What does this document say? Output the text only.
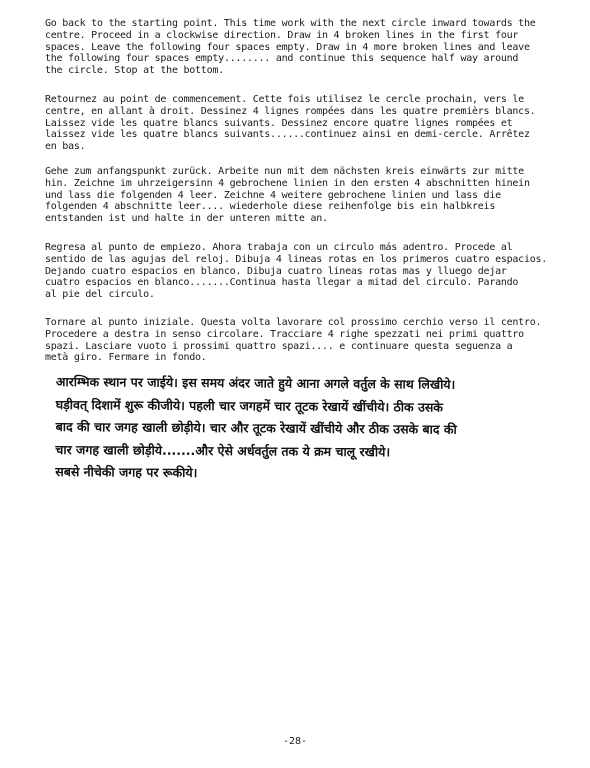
Go back to the starting point. This time work with the next circle inward towards the
centre. Proceed in a clockwise direction. Draw in 4 broken lines in the first four
spaces. Leave the following four spaces empty. Draw in 4 more broken lines and leave
the following four spaces empty........ and continue this sequence half way around
the circle. Stop at the bottom.

Retournez au point de commencement. Cette fois utilisez le cercle prochain, vers le
centre, en allant à droit. Dessinez 4 lignes rompées dans les quatre premièrs blancs.
Laissez vide les quatre blancs suivants. Dessinez encore quatre lignes rompées et
laissez vide les quatre blancs suivants......continuez ainsi en demi-cercle. Arrêtez
en bas.

Gehe zum anfangspunkt zurück. Arbeite nun mit dem nächsten kreis einwärts zur mitte
hin. Zeichne im uhrzeigersinn 4 gebrochene linien in den ersten 4 abschnitten hinein
und lass die folgenden 4 leer. Zeichne 4 weitere gebrochene linien und lass die
folgenden 4 abschnitte leer.... wiederhole diese reihenfolge bis ein halbkreis
entstanden ist und halte in der unteren mitte an.

Regresa al punto de empiezo. Ahora trabaja con un circulo más adentro. Procede al
sentido de las agujas del reloj. Dibuja 4 lineas rotas en los primeros cuatro espacios.
Dejando cuatro espacios en blanco. Dibuja cuatro lineas rotas mas y lluego dejar
cuatro espacios en blanco.......Continua hasta llegar a mitad del circulo. Parando
al pie del circulo.

Tornare al punto iniziale. Questa volta lavorare col prossimo cerchio verso il centro.
Procedere a destra in senso circolare. Tracciare 4 righe spezzati nei primi quattro
spazi. Lasciare vuoto i prossimi quattro spazi.... e continuare questa seguenza a
metà giro. Fermare in fondo.

आरम्भिक स्थान पर जाईये। इस समय अंदर जाते हुये आना अगले वर्तुल के साथ लिखीये।
घड़ीवत् दिशामें शुरू कीजीये। पहली चार जगहमें चार तूटक रेखायें खींचीये। ठीक उसके
बाद की चार जगह खाली छोड़ीये। चार और तूटक रेखायें खींचीये और ठीक उसके बाद की
चार जगह खाली छोड़ीये.......और ऐसे अर्धवर्तुल तक ये क्रम चालू रखीये।
सबसे नीचेकी जगह पर रूकीये।

-28-
